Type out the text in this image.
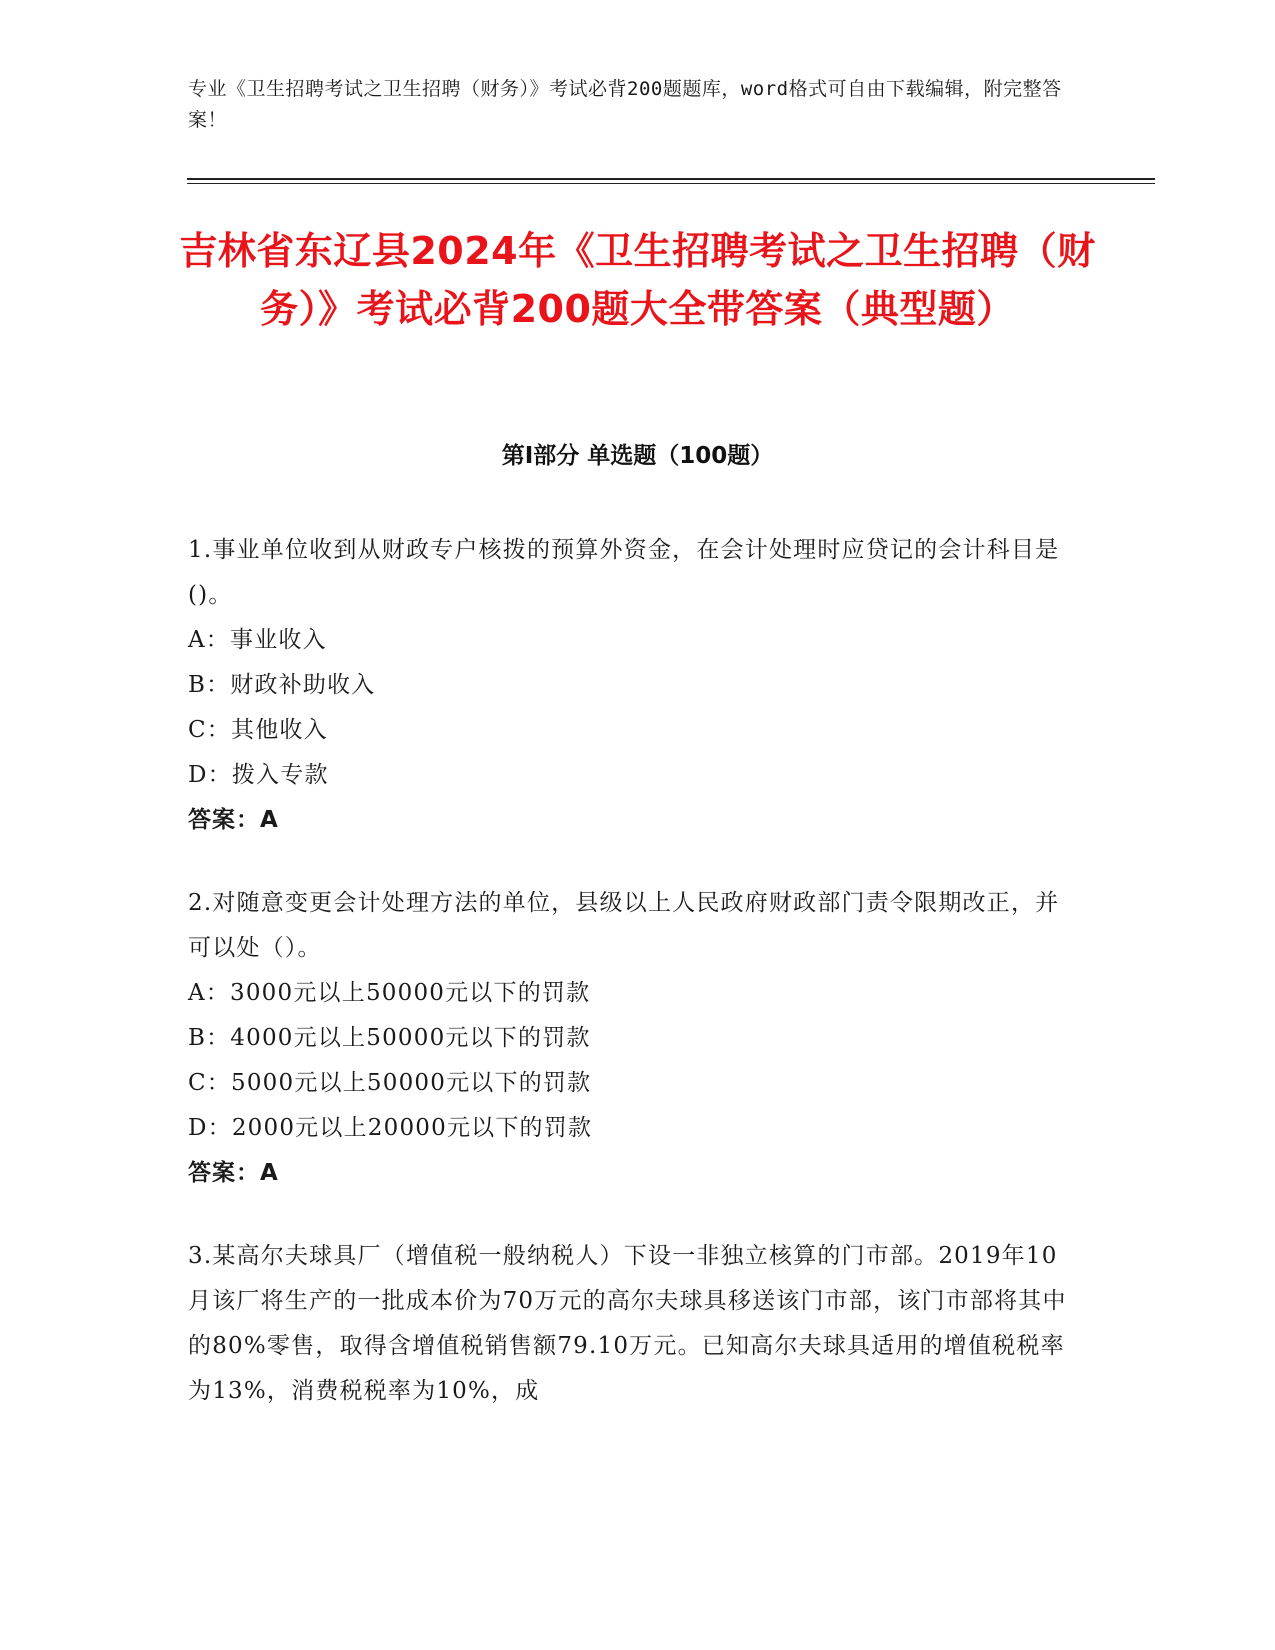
专业《卫生招聘考试之卫生招聘（财务）》考试必背200题题库，word格式可自由下载编辑，附完整答案！
吉林省东辽县2024年《卫生招聘考试之卫生招聘（财务）》考试必背200题大全带答案（典型题）
第I部分 单选题（100题）
1.事业单位收到从财政专户核拨的预算外资金，在会计处理时应贷记的会计科目是()。
A：事业收入
B：财政补助收入
C：其他收入
D：拨入专款
答案：A
2.对随意变更会计处理方法的单位，县级以上人民政府财政部门责令限期改正，并可以处（）。
A：3000元以上50000元以下的罚款
B：4000元以上50000元以下的罚款
C：5000元以上50000元以下的罚款
D：2000元以上20000元以下的罚款
答案：A
3.某高尔夫球具厂（增值税一般纳税人）下设一非独立核算的门市部。2019年10月该厂将生产的一批成本价为70万元的高尔夫球具移送该门市部，该门市部将其中的80%零售，取得含增值税销售额79.10万元。已知高尔夫球具适用的增值税税率为13%，消费税税率为10%，成
